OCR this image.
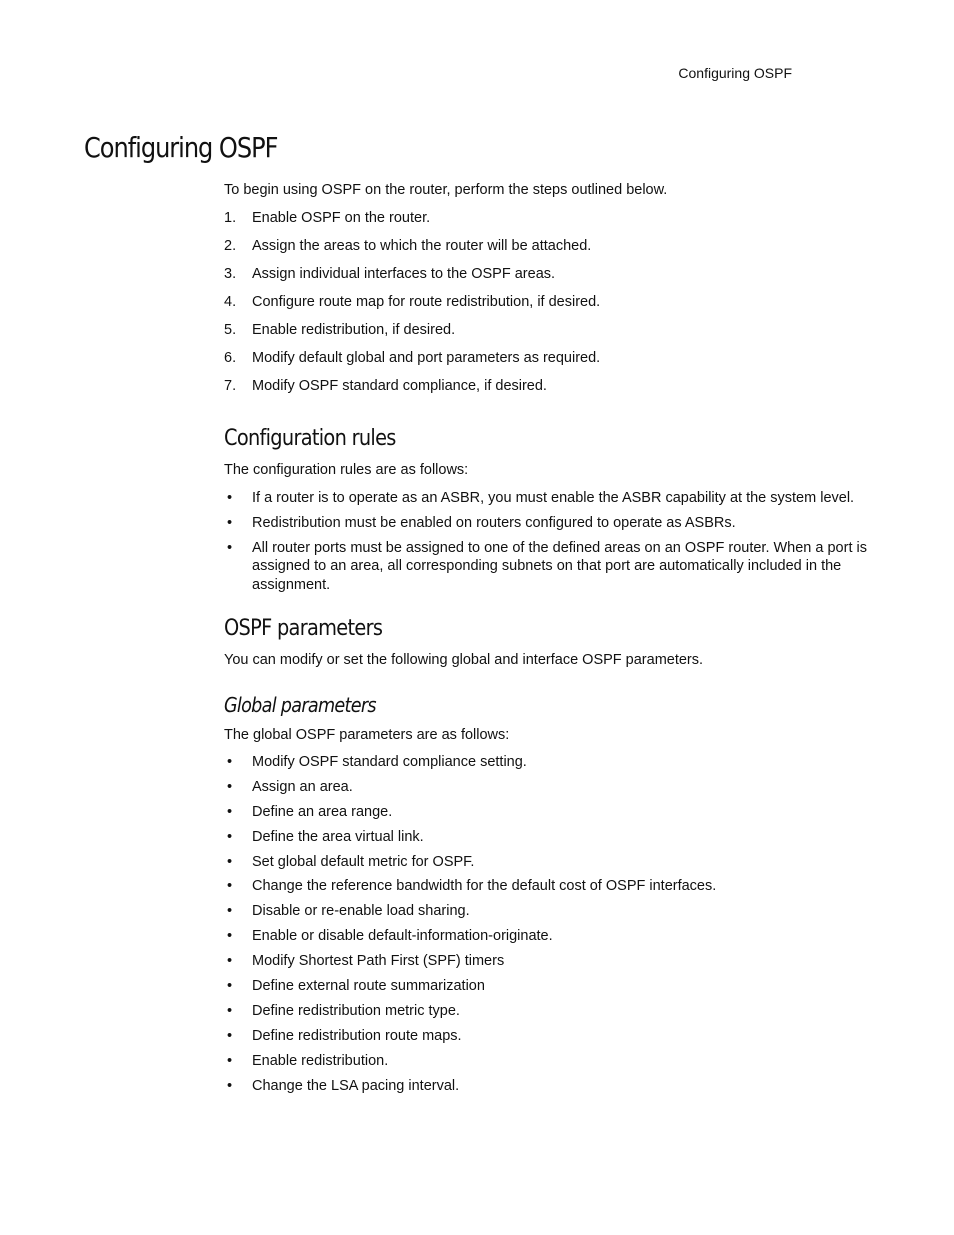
Configuring OSPF
Configuring OSPF

To begin using OSPF on the router, perform the steps outlined below.

1. Enable OSPF on the router.
2. Assign the areas to which the router will be attached.
3. Assign individual interfaces to the OSPF areas.
4. Configure route map for route redistribution, if desired.
5. Enable redistribution, if desired.
6. Modify default global and port parameters as required.
7. Modify OSPF standard compliance, if desired.
Configuration rules

The configuration rules are as follows:

• If a router is to operate as an ASBR, you must enable the ASBR capability at the system level.
• Redistribution must be enabled on routers configured to operate as ASBRs.
• All router ports must be assigned to one of the defined areas on an OSPF router. When a port is assigned to an area, all corresponding subnets on that port are automatically included in the assignment.
OSPF parameters

You can modify or set the following global and interface OSPF parameters.

Global parameters

The global OSPF parameters are as follows:

• Modify OSPF standard compliance setting.
• Assign an area.
• Define an area range.
• Define the area virtual link.
• Set global default metric for OSPF.
• Change the reference bandwidth for the default cost of OSPF interfaces.
• Disable or re-enable load sharing.
• Enable or disable default-information-originate.
• Modify Shortest Path First (SPF) timers
• Define external route summarization
• Define redistribution metric type.
• Define redistribution route maps.
• Enable redistribution.
• Change the LSA pacing interval.
